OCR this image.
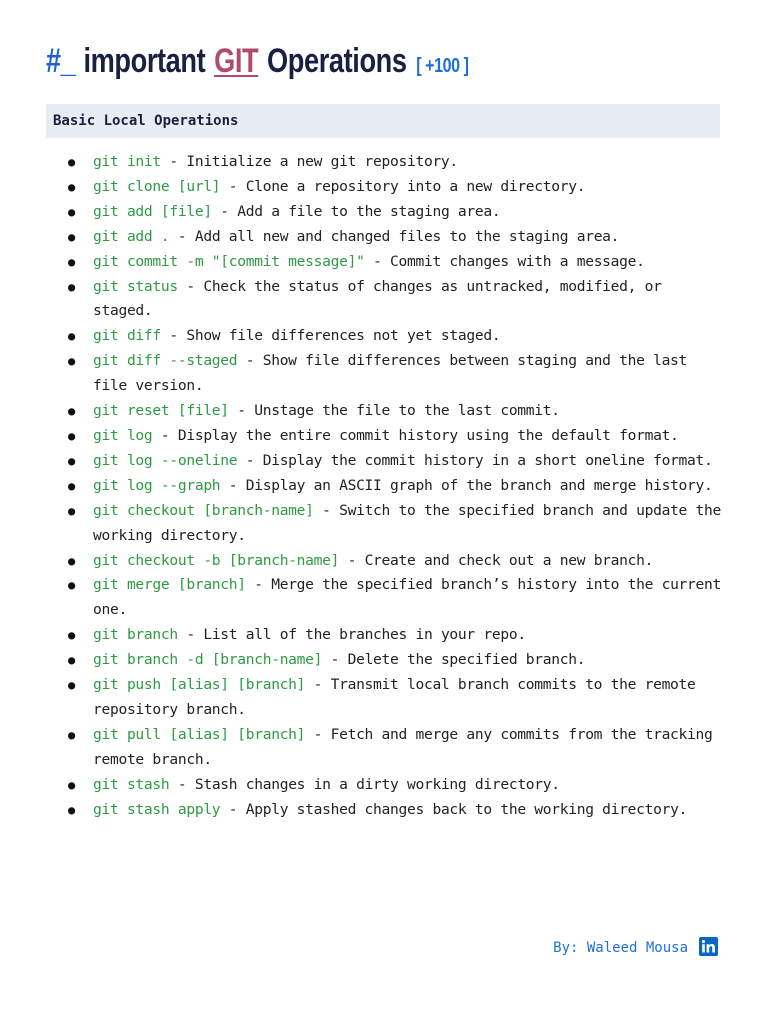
#_ important GIT Operations [ +100 ]
Basic Local Operations
● git init - Initialize a new git repository.
● git clone [url] - Clone a repository into a new directory.
● git add [file] - Add a file to the staging area.
● git add . - Add all new and changed files to the staging area.
● git commit -m "[commit message]" - Commit changes with a message.
● git status - Check the status of changes as untracked, modified, or staged.
● git diff - Show file differences not yet staged.
● git diff --staged - Show file differences between staging and the last file version.
● git reset [file] - Unstage the file to the last commit.
● git log - Display the entire commit history using the default format.
● git log --oneline - Display the commit history in a short oneline format.
● git log --graph - Display an ASCII graph of the branch and merge history.
● git checkout [branch-name] - Switch to the specified branch and update the working directory.
● git checkout -b [branch-name] - Create and check out a new branch.
● git merge [branch] - Merge the specified branch’s history into the current one.
● git branch - List all of the branches in your repo.
● git branch -d [branch-name] - Delete the specified branch.
● git push [alias] [branch] - Transmit local branch commits to the remote repository branch.
● git pull [alias] [branch] - Fetch and merge any commits from the tracking remote branch.
● git stash - Stash changes in a dirty working directory.
● git stash apply - Apply stashed changes back to the working directory.
By: Waleed Mousa
